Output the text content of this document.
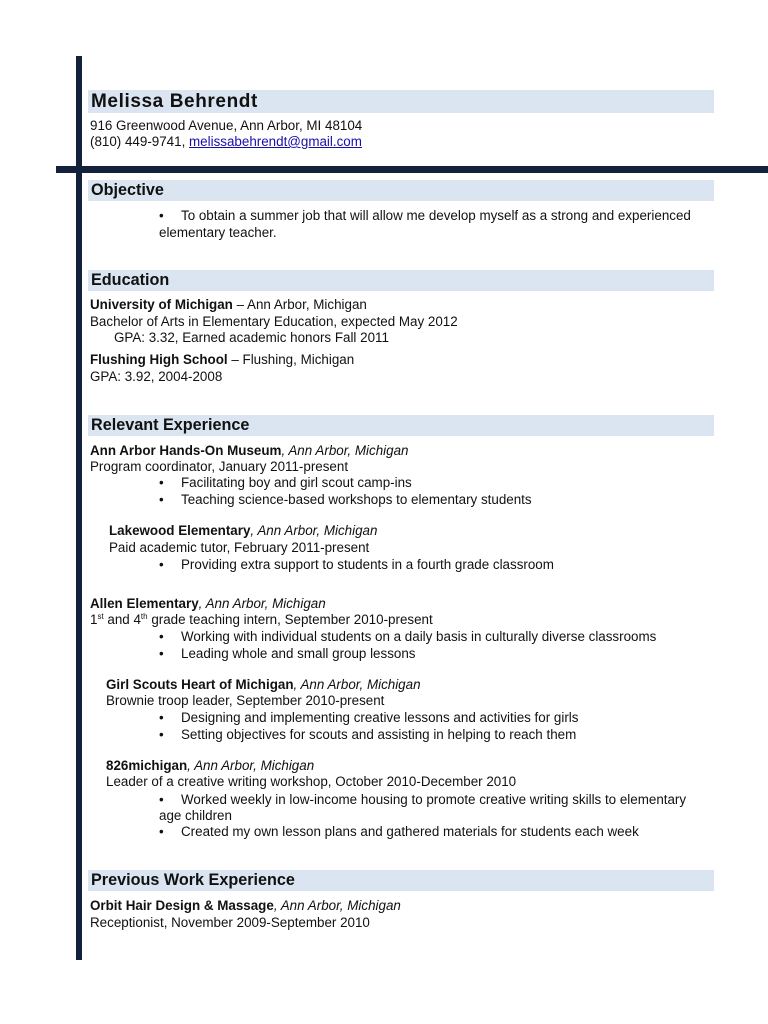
Melissa Behrendt
916 Greenwood Avenue, Ann Arbor, MI 48104
(810) 449-9741, melissabehrendt@gmail.com
Objective
•	To obtain a summer job that will allow me develop myself as a strong and experienced
elementary teacher.
Education
University of Michigan – Ann Arbor, Michigan
Bachelor of Arts in Elementary Education, expected May 2012
GPA: 3.32, Earned academic honors Fall 2011
Flushing High School – Flushing, Michigan
GPA: 3.92, 2004-2008
Relevant Experience
Ann Arbor Hands-On Museum, Ann Arbor, Michigan
Program coordinator, January 2011-present
•	Facilitating boy and girl scout camp-ins
•	Teaching science-based workshops to elementary students
Lakewood Elementary, Ann Arbor, Michigan
Paid academic tutor, February 2011-present
•	Providing extra support to students in a fourth grade classroom
Allen Elementary, Ann Arbor, Michigan
1st and 4th grade teaching intern, September 2010-present
•	Working with individual students on a daily basis in culturally diverse classrooms
•	Leading whole and small group lessons
Girl Scouts Heart of Michigan, Ann Arbor, Michigan
Brownie troop leader, September 2010-present
•	Designing and implementing creative lessons and activities for girls
•	Setting objectives for scouts and assisting in helping to reach them
826michigan, Ann Arbor, Michigan
Leader of a creative writing workshop, October 2010-December 2010
•	Worked weekly in low-income housing to promote creative writing skills to elementary
age children
•	Created my own lesson plans and gathered materials for students each week
Previous Work Experience
Orbit Hair Design & Massage, Ann Arbor, Michigan
Receptionist, November 2009-September 2010
